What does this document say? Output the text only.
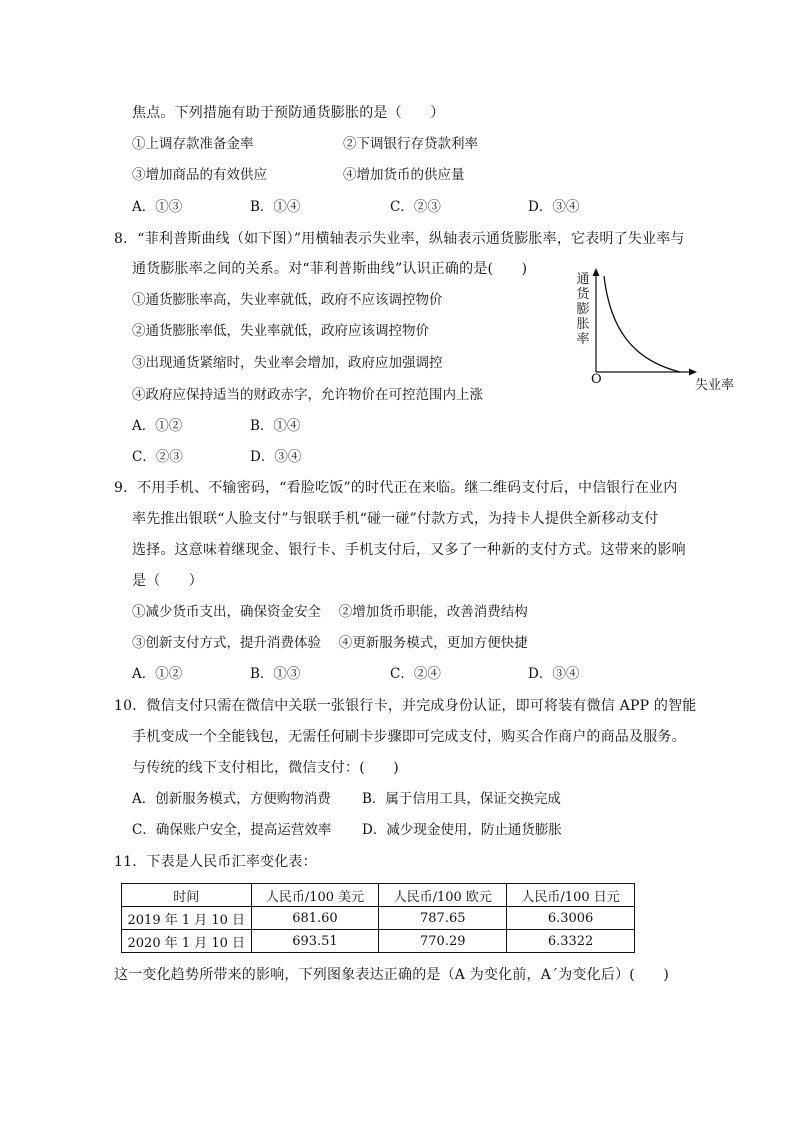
焦点。下列措施有助于预防通货膨胀的是（　　）
①上调存款准备金率	②下调银行存贷款利率
③增加商品的有效供应	④增加货币的供应量
A．①③	B．①④	C．②③	D．③④
8．“菲利普斯曲线（如下图）”用横轴表示失业率，纵轴表示通货膨胀率，它表明了失业率与
通货膨胀率之间的关系。对“菲利普斯曲线”认识正确的是(　　)
①通货膨胀率高，失业率就低，政府不应该调控物价
②通货膨胀率低，失业率就低，政府应该调控物价
③出现通货紧缩时，失业率会增加，政府应加强调控
④政府应保持适当的财政赤字，允许物价在可控范围内上涨
A．①②	B．①④
C．②③	D．③④
通
货
膨
胀
率
O	失业率
9．不用手机、不输密码，“看脸吃饭”的时代正在来临。继二维码支付后，中信银行在业内
率先推出银联“人脸支付”与银联手机“碰一碰”付款方式，为持卡人提供全新移动支付
选择。这意味着继现金、银行卡、手机支付后，又多了一种新的支付方式。这带来的影响
是（　　）
①减少货币支出，确保资金安全　 ②增加货币职能，改善消费结构
③创新支付方式，提升消费体验　 ④更新服务模式，更加方便快捷
A．①②	B．①③	C．②④	D．③④
10．微信支付只需在微信中关联一张银行卡，并完成身份认证，即可将装有微信 APP 的智能
手机变成一个全能钱包，无需任何刷卡步骤即可完成支付，购买合作商户的商品及服务。
与传统的线下支付相比，微信支付：(　　)
A．创新服务模式，方便购物消费 B．属于信用工具，保证交换完成
C．确保账户安全，提高运营效率 D．减少现金使用，防止通货膨胀
11．下表是人民币汇率变化表：
时间	人民币/100 美元	人民币/100 欧元	人民币/100 日元
2019 年 1 月 10 日	681.60	787.65	6.3006
2020 年 1 月 10 日	693.51	770.29	6.3322
这一变化趋势所带来的影响，下列图象表达正确的是（A 为变化前，A´为变化后）(　　)
